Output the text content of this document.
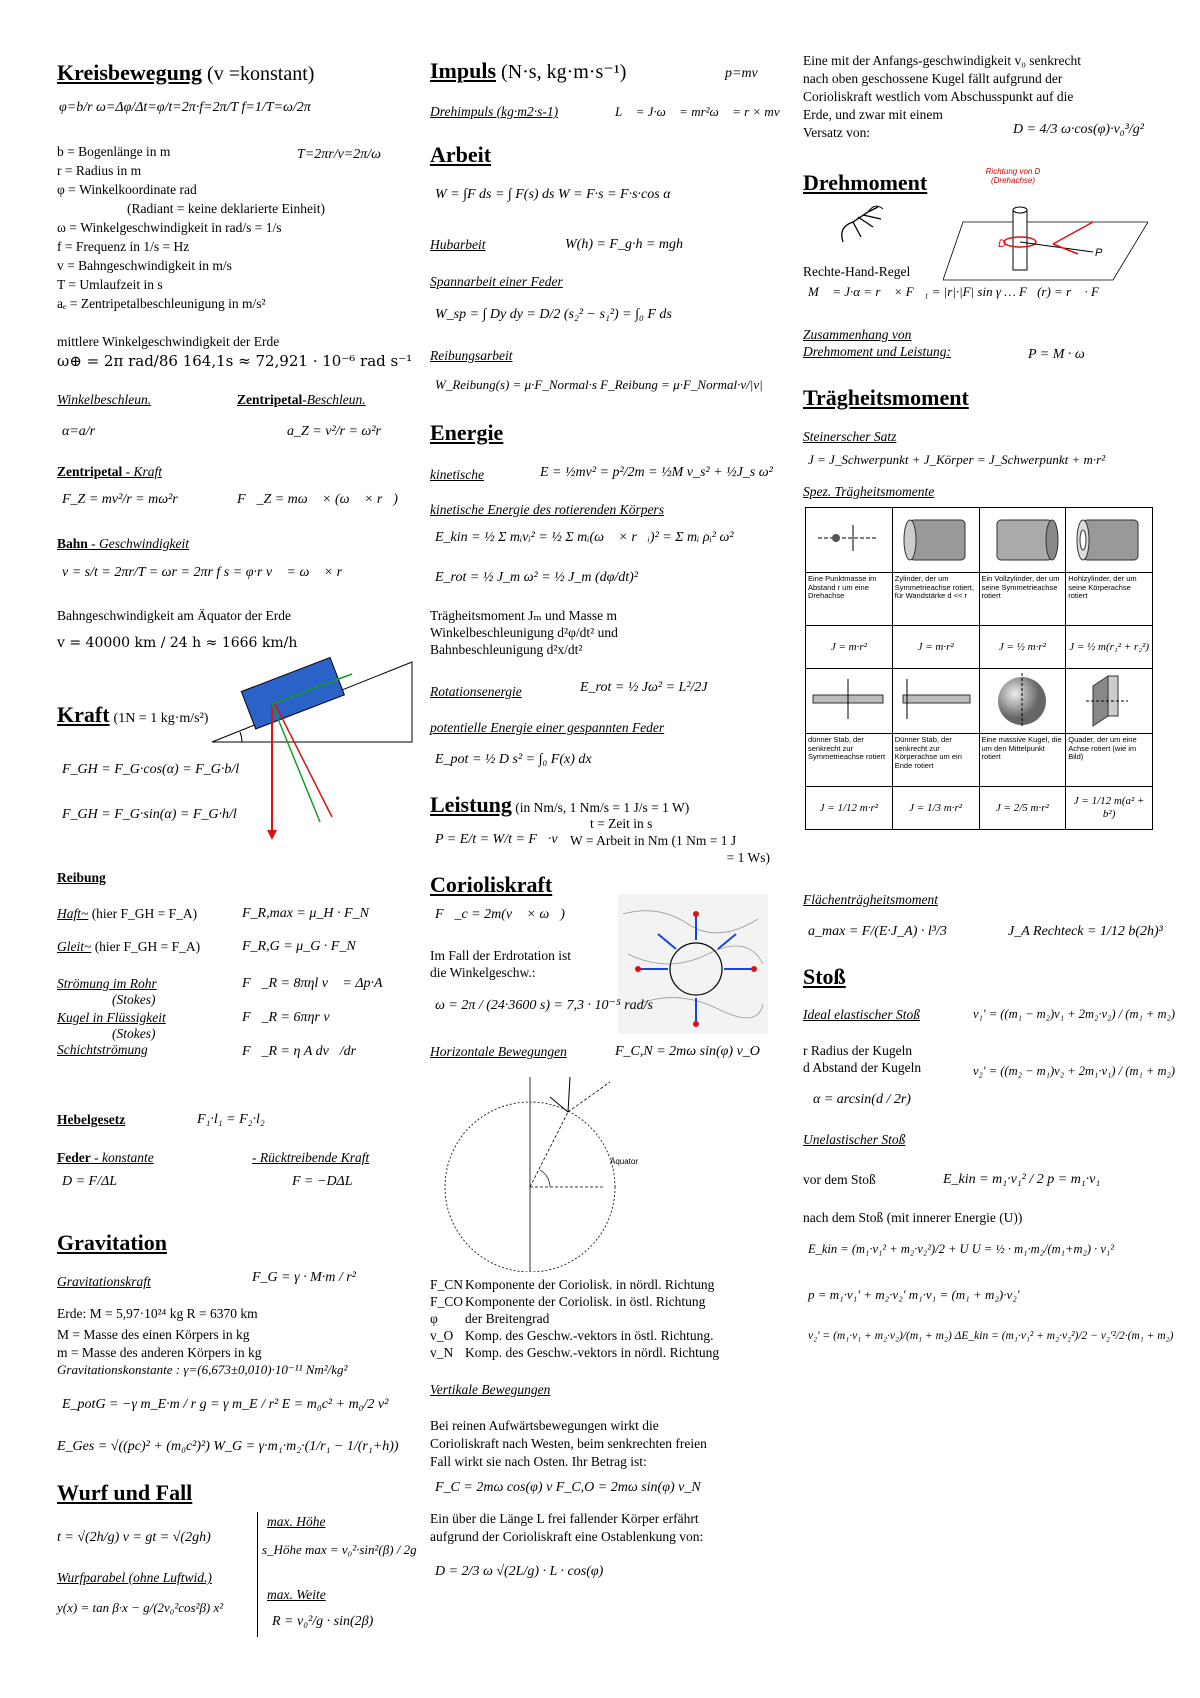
Kreisbewegung (v =konstant)
φ=b/r ω=Δφ/Δt=φ/t=2π·f=2π/T f=1/T=ω/2π
T=2πr/v=2π/ω
b = Bogenlänge in m
r = Radius in m
φ = Winkelkoordinate rad
(Radiant = keine deklarierte Einheit)
ω = Winkelgeschwindigkeit in rad/s = 1/s
f = Frequenz in 1/s = Hz
v = Bahngeschwindigkeit in m/s
T = Umlaufzeit in s
aₑ = Zentripetalbeschleunigung in m/s²
mittlere Winkelgeschwindigkeit der Erde
ω⊕ = 2π rad/86 164,1s ≈ 72,921 · 10⁻⁶ rad s⁻¹
Winkelbeschleun.	Zentripetal-Beschleun.
α=a/r	a_Z = v²/r = ω²r
Zentripetal - Kraft
F_Z = mv²/r = mω²r	F⃗_Z = mω⃗ × (ω⃗ × r⃗)
Bahn - Geschwindigkeit
v = s/t = 2πr/T = ωr = 2πr f s = φ·r v⃗ = ω⃗ × r⃗
Bahngeschwindigkeit am Äquator der Erde
v = 40000 km / 24 h ≈ 1666 km/h
Kraft (1N = 1 kg·m/s²)
F_GH = F_G·cos(α) = F_G·b/l
F_GH = F_G·sin(α) = F_G·h/l
Reibung
Haft~ (hier F_GH = F_A)	F_R,max = μ_H · F_N
Gleit~ (hier F_GH = F_A)	F_R,G = μ_G · F_N
Strömung im Rohr
(Stokes)
F⃗_R = 8πηl v⃗ = Δp·A
Kugel in Flüssigkeit
(Stokes)
F⃗_R = 6πηr v⃗
Schichtströmung	F⃗_R = η A dv⃗/dr⃗
Hebelgesetz	F₁·l₁ = F₂·l₂
Feder - konstante	- Rücktreibende Kraft
D = F/ΔL	F = −DΔL
Gravitation
Gravitationskraft	F_G = γ · M·m / r²
Erde: M = 5,97·10²⁴ kg R = 6370 km
M = Masse des einen Körpers in kg
m = Masse des anderen Körpers in kg
Gravitationskonstante : γ=(6,673±0,010)·10⁻¹¹ Nm²/kg²
E_potG = −γ m_E·m / r g = γ m_E / r² E = m₀c² + m₀/2 v²
E_Ges = √((pc)² + (m₀c²)²) W_G = γ·m₁·m₂·(1/r₁ − 1/(r₁+h))
Wurf und Fall
t = √(2h/g) v = gt = √(2gh)
max. Höhe
s_Höhe max = v₀²·sin²(β) / 2g
Wurfparabel (ohne Luftwid.)
y(x) = tan β·x − g/(2v₀²cos²β) x²
max. Weite
R = v₀²/g · sin(2β)
Impuls (N·s, kg·m·s⁻¹)	p=mv
Drehimpuls (kg·m2·s-1)	L⃗ = J·ω⃗ = mr²ω⃗ = r × mv
Arbeit
W = ∫F ds = ∫ F(s) ds W = F·s = F·s·cos α
Hubarbeit	W(h) = F_g·h = mgh
Spannarbeit einer Feder
W_sp = ∫ Dy dy = D/2 (s₂² − s₁²) = ∫₀ F ds
Reibungsarbeit
W_Reibung(s) = μ·F_Normal·s F_Reibung = μ·F_Normal·v/|v|
Energie
kinetische	E = ½mv² = p²/2m = ½M v_s² + ½J_s ω²
kinetische Energie des rotierenden Körpers
E_kin = ½ Σ mᵢvᵢ² = ½ Σ mᵢ(ω⃗ × r⃗ᵢ)² = Σ mᵢ ρᵢ² ω²
E_rot = ½ J_m ω² = ½ J_m (dφ/dt)²
Trägheitsmoment Jₘ und Masse m
Winkelbeschleunigung d²φ/dt² und
Bahnbeschleunigung d²x/dt²
Rotationsenergie	E_rot = ½ Jω² = L²/2J
potentielle Energie einer gespannten Feder
E_pot = ½ D s² = ∫₀ F(x) dx
Leistung (in Nm/s, 1 Nm/s = 1 J/s = 1 W)
P = E/t = W/t = F⃗·v⃗
t = Zeit in s
W = Arbeit in Nm (1 Nm = 1 J
= 1 Ws)
Corioliskraft
F⃗_c = 2m(v⃗ × ω⃗)
Im Fall der Erdrotation ist
die Winkelgeschw.:
ω = 2π / (24·3600 s) = 7,3 · 10⁻⁵ rad/s
Horizontale Bewegungen	F_C,N = 2mω sin(φ) v_O
Äquator
F_CN Komponente der Coriolisk. in nördl. Richtung
F_CO Komponente der Coriolisk. in östl. Richtung
φ der Breitengrad
v_O Komp. des Geschw.-vektors in östl. Richtung.
v_N Komp. des Geschw.-vektors in nördl. Richtung
Vertikale Bewegungen
Bei reinen Aufwärtsbewegungen wirkt die
Corioliskraft nach Westen, beim senkrechten freien
Fall wirkt sie nach Osten. Ihr Betrag ist:
F_C = 2mω cos(φ) v F_C,O = 2mω sin(φ) v_N
Ein über die Länge L frei fallender Körper erfährt
aufgrund der Corioliskraft eine Ostablenkung von:
D = 2/3 ω √(2L/g) · L · cos(φ)
Eine mit der Anfangs-geschwindigkeit v₀ senkrecht
nach oben geschossene Kugel fällt aufgrund der
Corioliskraft westlich vom Abschusspunkt auf die
Erde, und zwar mit einem
Versatz von:	D = 4/3 ω·cos(φ)·v₀³/g²
Drehmoment	Richtung von D (Drehachse)
D
P
Rechte-Hand-Regel
M⃗ = J·α = r⃗ × F⃗₁ = |r|·|F| sin γ … F⃗(r) = r⃗ · F⃗
Zusammenhang von
Drehmoment und Leistung:	P = M · ω
Trägheitsmoment
Steinerscher Satz
J = J_Schwerpunkt + J_Körper = J_Schwerpunkt + m·r²
Spez. Trägheitsmomente

Eine Punktmasse im Abstand r um eine Drehachse	Zylinder, der um Symmetrieachse rotiert, für Wandstärke d << r	Ein Vollzylinder, der um seine Symmetrieachse rotiert	Hohlzylinder, der um seine Körperachse rotiert
J = m·r²	J = m·r²	J = ½ m·r²	J = ½ m(r₁² + r₂²)

dünner Stab, der senkrecht zur Symmetrieachse rotiert	Dünner Stab, der senkrecht zur Körperachse um ein Ende rotiert	Eine massive Kugel, die um den Mittelpunkt rotiert	Quader, der um eine Achse rotiert (wie im Bild)
J = 1/12 m·r²	J = 1/3 m·r²	J = 2/5 m·r²	J = 1/12 m(a² + b²)
Flächenträgheitsmoment
a_max = F/(E·J_A) · l³/3	J_A Rechteck = 1/12 b(2h)³
Stoß
Ideal elastischer Stoß	v₁' = ((m₁ − m₂)v₁ + 2m₂·v₂) / (m₁ + m₂)
r Radius der Kugeln
d Abstand der Kugeln	v₂' = ((m₂ − m₁)v₂ + 2m₁·v₁) / (m₁ + m₂)
α = arcsin(d / 2r)
Unelastischer Stoß
vor dem Stoß	E_kin = m₁·v₁² / 2 p = m₁·v₁
nach dem Stoß (mit innerer Energie (U))
E_kin = (m₁·v₁² + m₂·v₂²)/2 + U U = ½ · m₁·m₂/(m₁+m₂) · v₁²
p = m₁·v₁' + m₂·v₂' m₁·v₁ = (m₁ + m₂)·v₂'
v₂' = (m₁·v₁ + m₂·v₂)/(m₁ + m₂) ΔE_kin = (m₁·v₁² + m₂·v₂²)/2 − v₂'²/2·(m₁ + m₂)
